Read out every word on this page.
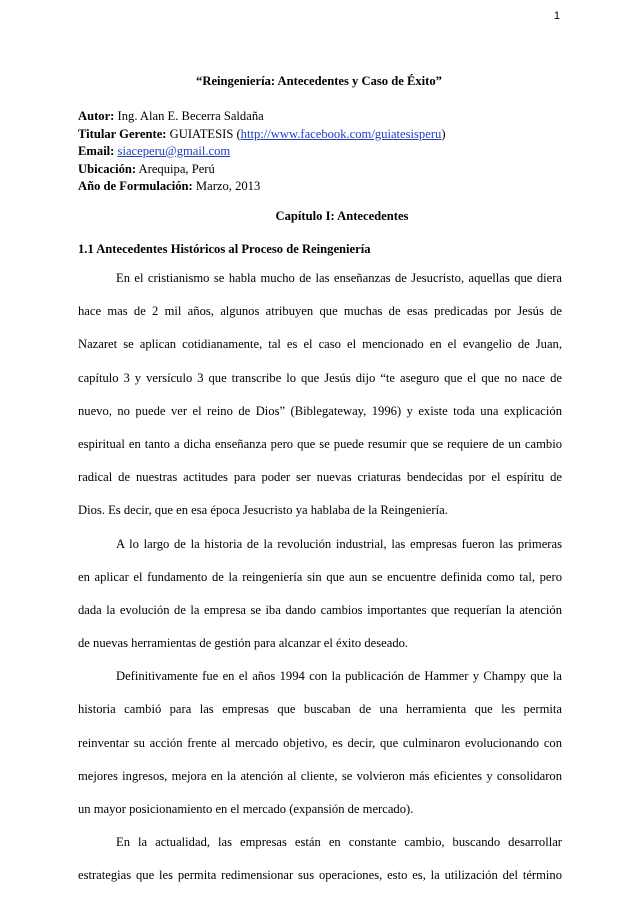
1
“Reingeniería: Antecedentes y Caso de Éxito”
Autor: Ing. Alan E. Becerra Saldaña
Titular Gerente: GUIATESIS (http://www.facebook.com/guiatesisperu)
Email: siaceperu@gmail.com
Ubicación: Arequipa, Perú
Año de Formulación: Marzo, 2013
Capítulo I: Antecedentes
1.1 Antecedentes Históricos al Proceso de Reingeniería
En el cristianismo se habla mucho de las enseñanzas de Jesucristo, aquellas que diera
hace mas de 2 mil años, algunos atribuyen que muchas de esas predicadas por Jesús de
Nazaret se aplican cotidianamente, tal es el caso el mencionado en el evangelio de Juan,
capítulo 3 y versículo 3 que transcribe lo que Jesús dijo “te aseguro que el que no nace de
nuevo, no puede ver el reino de Dios” (Biblegateway, 1996) y existe toda una explicación
espiritual en tanto a dicha enseñanza pero que se puede resumir que se requiere de un cambio
radical de nuestras actitudes para poder ser nuevas criaturas bendecidas por el espíritu de
Dios. Es decir, que en esa época Jesucristo ya hablaba de la Reingeniería.
A lo largo de la historia de la revolución industrial, las empresas fueron las primeras
en aplicar el fundamento de la reingeniería sin que aun se encuentre definida como tal, pero
dada la evolución de la empresa se iba dando cambios importantes que requerían la atención
de nuevas herramientas de gestión para alcanzar el éxito deseado.
Definitivamente fue en el años 1994 con la publicación de Hammer y Champy que la
historia cambió para las empresas que buscaban de una herramienta que les permita
reinventar su acción frente al mercado objetivo, es decir, que culminaron evolucionando con
mejores ingresos, mejora en la atención al cliente, se volvieron más eficientes y consolidaron
un mayor posicionamiento en el mercado (expansión de mercado).
En la actualidad, las empresas están en constante cambio, buscando desarrollar
estrategias que les permita redimensionar sus operaciones, esto es, la utilización del término
